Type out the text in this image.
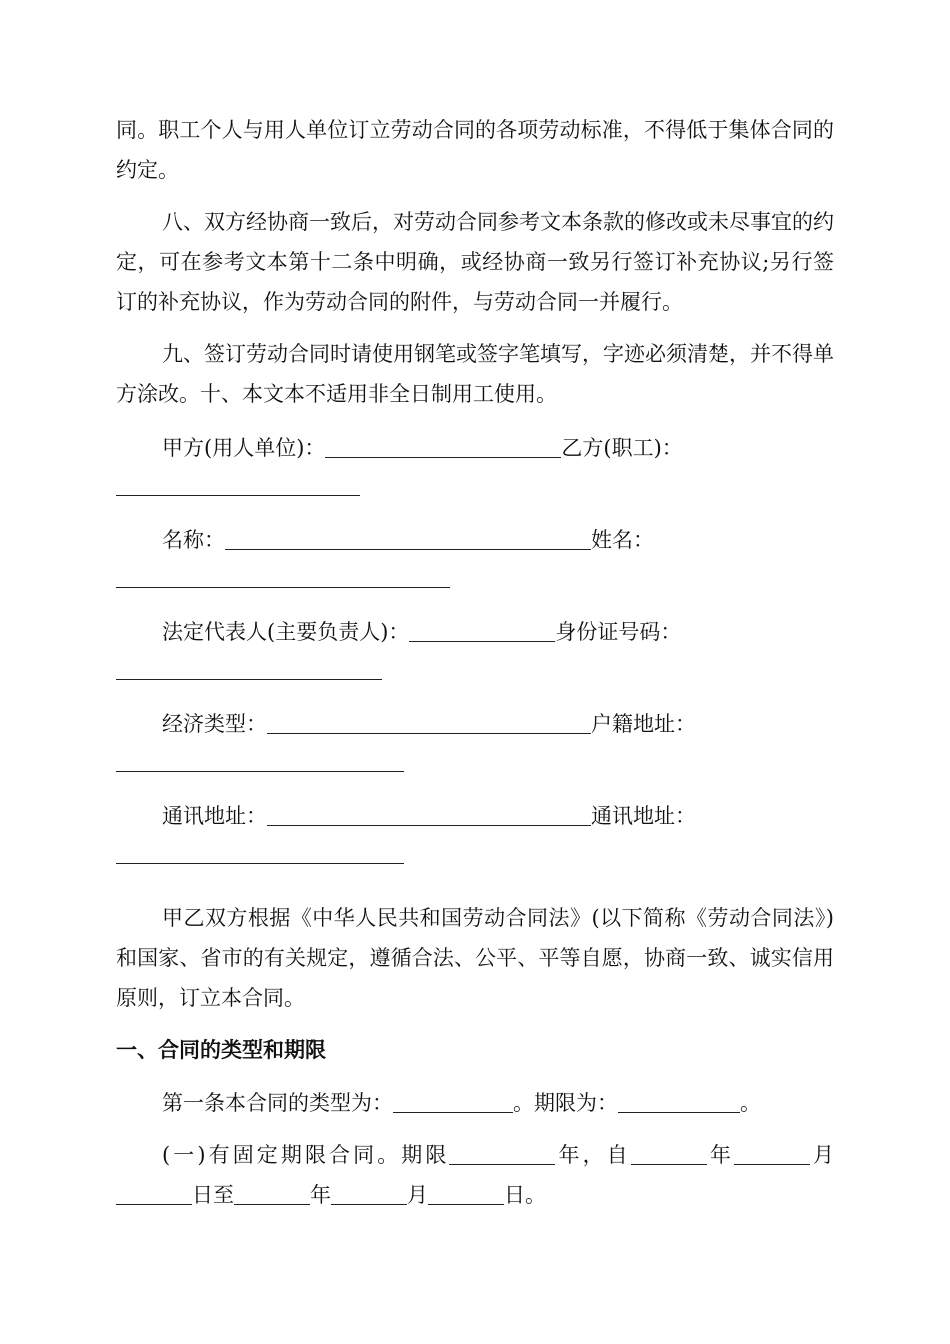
同。职工个人与用人单位订立劳动合同的各项劳动标准，不得低于集体合同的约定。

八、双方经协商一致后，对劳动合同参考文本条款的修改或未尽事宜的约定，可在参考文本第十二条中明确，或经协商一致另行签订补充协议;另行签订的补充协议，作为劳动合同的附件，与劳动合同一并履行。

九、签订劳动合同时请使用钢笔或签字笔填写，字迹必须清楚，并不得单方涂改。十、本文本不适用非全日制用工使用。

甲方(用人单位)：	乙方(职工)：
名称：	姓名：
法定代表人(主要负责人)：	身份证号码：
经济类型：	户籍地址：
通讯地址：	通讯地址：

甲乙双方根据《中华人民共和国劳动合同法》(以下简称《劳动合同法》)和国家、省市的有关规定，遵循合法、公平、平等自愿，协商一致、诚实信用原则，订立本合同。

一、合同的类型和期限

第一条本合同的类型为：	。期限为：	。

(一)有固定期限合同。期限	年，自	年	月日至	年	月	日。
